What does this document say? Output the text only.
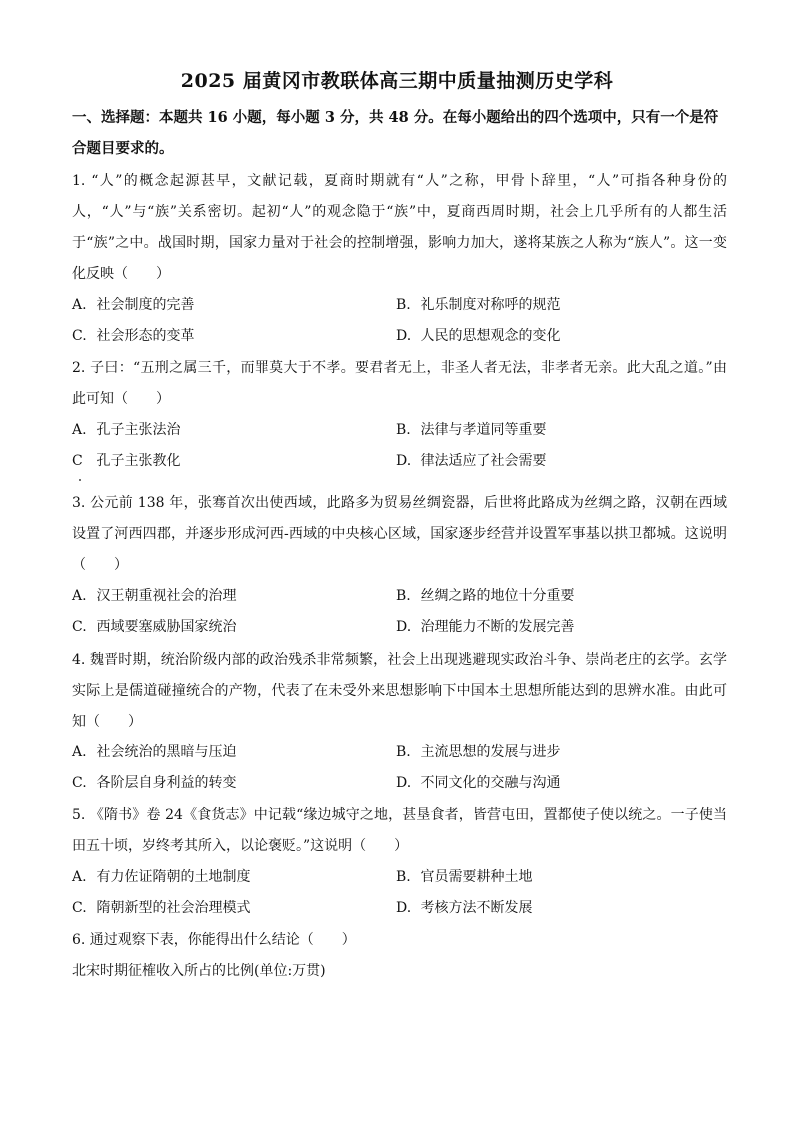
2025 届黄冈市教联体高三期中质量抽测历史学科
一、选择题：本题共 16 小题，每小题 3 分，共 48 分。在每小题给出的四个选项中，只有一个是符合题目要求的。
1. “人”的概念起源甚早，文献记载，夏商时期就有“人”之称，甲骨卜辞里，“人”可指各种身份的人，“人”与“族”关系密切。起初“人”的观念隐于“族”中，夏商西周时期，社会上几乎所有的人都生活于“族”之中。战国时期，国家力量对于社会的控制增强，影响力加大，遂将某族之人称为“族人”。这一变化反映（　　）
A. 社会制度的完善	B. 礼乐制度对称呼的规范
C. 社会形态的变革	D. 人民的思想观念的变化
2. 子曰：“五刑之属三千，而罪莫大于不孝。要君者无上，非圣人者无法，非孝者无亲。此大乱之道。”由此可知（　　）
A. 孔子主张法治	B. 法律与孝道同等重要
C 孔子主张教化	D. 律法适应了社会需要
3. 公元前 138 年，张骞首次出使西域，此路多为贸易丝绸瓷器，后世将此路成为丝绸之路，汉朝在西域设置了河西四郡，并逐步形成河西-西域的中央核心区域，国家逐步经营并设置军事基以拱卫都城。这说明（　　）
A. 汉王朝重视社会的治理	B. 丝绸之路的地位十分重要
C. 西域要塞威胁国家统治	D. 治理能力不断的发展完善
4. 魏晋时期，统治阶级内部的政治残杀非常频繁，社会上出现逃避现实政治斗争、崇尚老庄的玄学。玄学实际上是儒道碰撞统合的产物，代表了在未受外来思想影响下中国本土思想所能达到的思辨水准。由此可知（　　）
A. 社会统治的黑暗与压迫	B. 主流思想的发展与进步
C. 各阶层自身利益的转变	D. 不同文化的交融与沟通
5. 《隋书》卷 24《食货志》中记载“缘边城守之地，甚垦食者，皆营屯田，置都使子使以统之。一子使当田五十顷，岁终考其所入，以论褒贬。”这说明（　　）
A. 有力佐证隋朝的土地制度	B. 官员需要耕种土地
C. 隋朝新型的社会治理模式	D. 考核方法不断发展
6. 通过观察下表，你能得出什么结论（　　）
北宋时期征榷收入所占的比例(单位:万贯)
